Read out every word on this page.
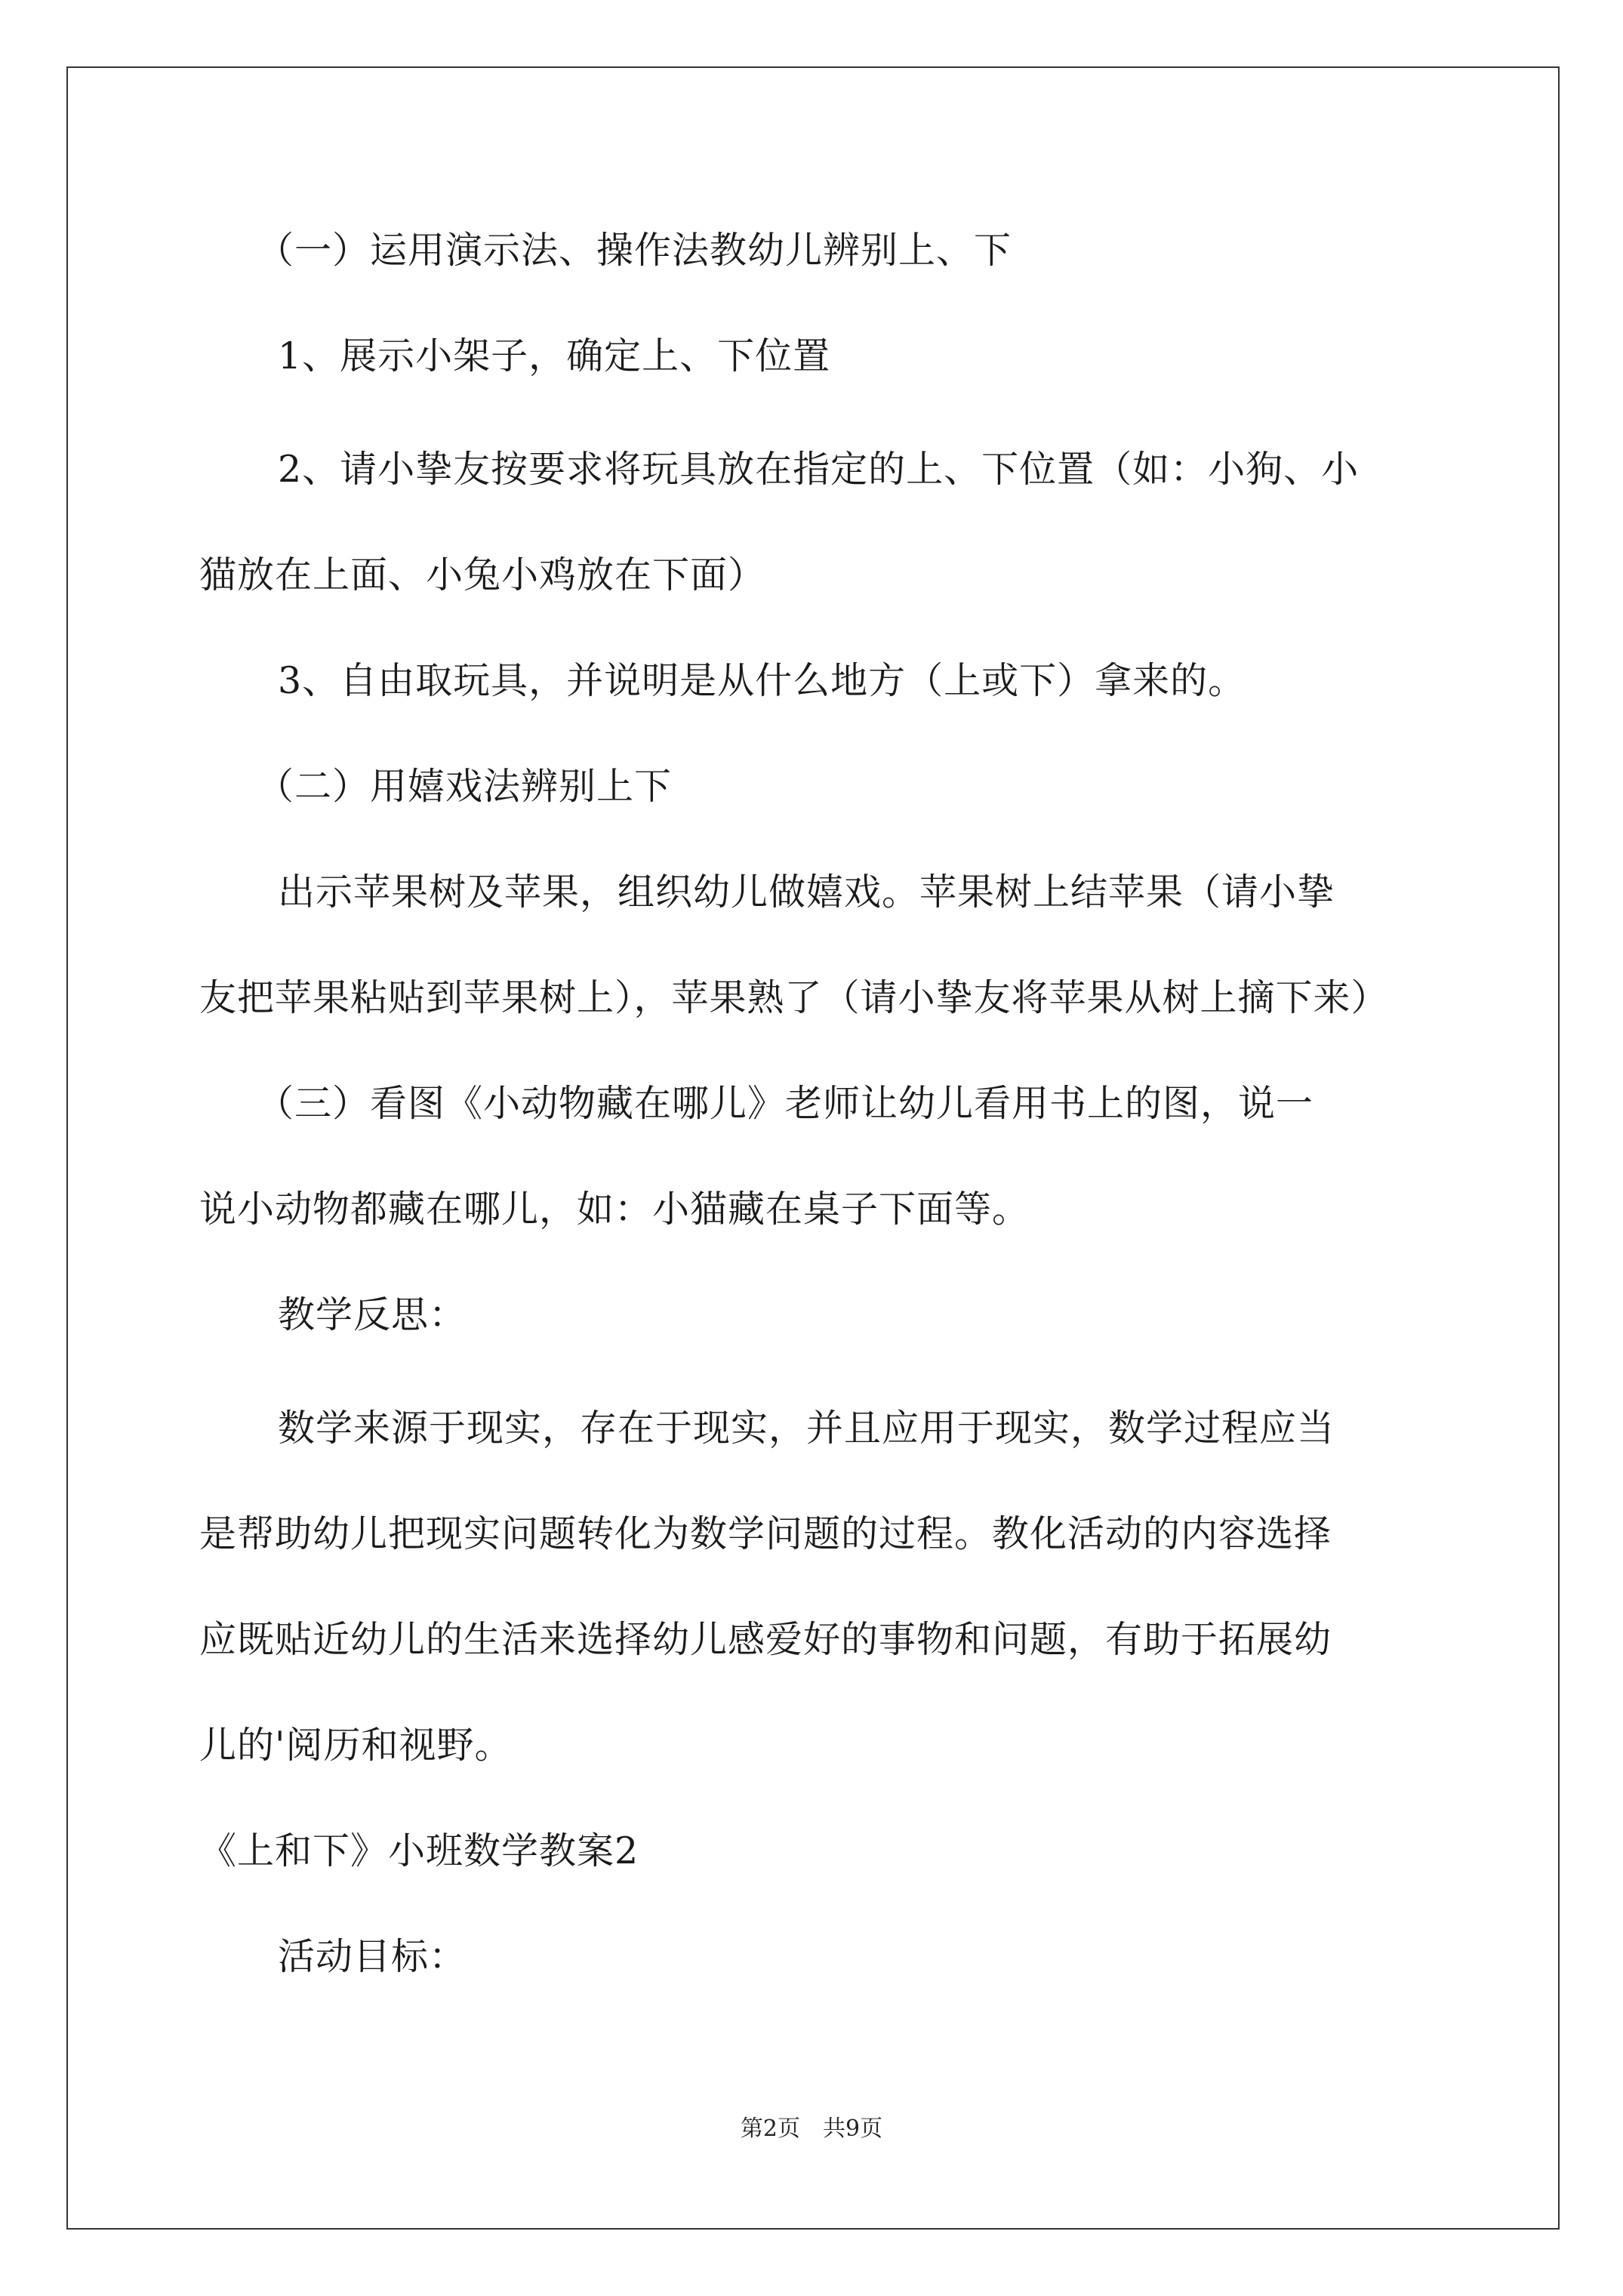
（一）运用演示法、操作法教幼儿辨别上、下
1、展示小架子，确定上、下位置
2、请小挚友按要求将玩具放在指定的上、下位置（如：小狗、小
猫放在上面、小兔小鸡放在下面）
3、自由取玩具，并说明是从什么地方（上或下）拿来的。
（二）用嬉戏法辨别上下
出示苹果树及苹果，组织幼儿做嬉戏。苹果树上结苹果（请小挚
友把苹果粘贴到苹果树上），苹果熟了（请小挚友将苹果从树上摘下来）
（三）看图《小动物藏在哪儿》老师让幼儿看用书上的图，说一
说小动物都藏在哪儿，如：小猫藏在桌子下面等。
教学反思：
数学来源于现实，存在于现实，并且应用于现实，数学过程应当
是帮助幼儿把现实问题转化为数学问题的过程。教化活动的内容选择
应既贴近幼儿的生活来选择幼儿感爱好的事物和问题，有助于拓展幼
儿的'阅历和视野。
《上和下》小班数学教案2
活动目标：
第2页　共9页
